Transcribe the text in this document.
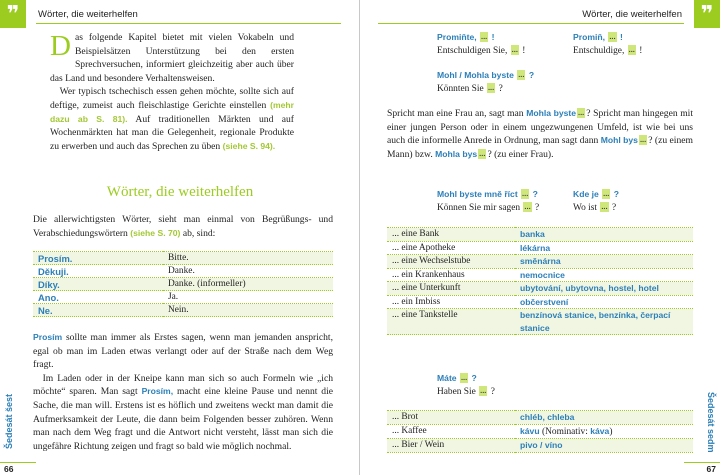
❞	Wörter, die weiterhelfen
D as folgende Kapitel bietet mit vielen Vokabeln und Beispielsätzen Unterstützung bei den ersten Sprechversuchen, informiert gleichzeitig aber auch über das Land und besondere Verhaltensweisen.
 Wer typisch tschechisch essen gehen möchte, sollte sich auf deftige, zumeist auch fleischlastige Gerichte einstellen (mehr dazu ab S. 81). Auf traditionellen Märkten und auf Wochenmärkten hat man die Gelegenheit, regionale Produkte zu erwerben und auch das Sprechen zu üben (siehe S. 94).
Wörter, die weiterhelfen
Die allerwichtigsten Wörter, sieht man einmal von Begrüßungs- und Verabschiedungswörtern (siehe S. 70) ab, sind:
Prosím.	Bitte.
Děkuji.	Danke.
Díky.	Danke. (informeller)
Ano.	Ja.
Ne.	Nein.
Prosím sollte man immer als Erstes sagen, wenn man jemanden anspricht, egal ob man im Laden etwas verlangt oder auf der Straße nach dem Weg fragt.
 Im Laden oder in der Kneipe kann man sich so auch Formeln wie „ich möchte“ sparen. Man sagt Prosím, macht eine kleine Pause und nennt die Sache, die man will. Erstens ist es höflich und zweitens weckt man damit die Aufmerksamkeit der Leute, die dann beim Folgenden besser zuhören. Wenn man nach dem Weg fragt und die Antwort nicht versteht, lässt man sich die ungefähre Richtung zeigen und fragt so bald wie möglich nochmal.
Šedesát šest
66
❞
Wörter, die weiterhelfen
Promiňte, ... !
Entschuldigen Sie, ... !
Promiň, ... !
Entschuldige, ... !
Mohl / Mohla byste ... ?
Könnten Sie ... ?
Spricht man eine Frau an, sagt man Mohla byste ... ? Spricht man hingegen mit einer jungen Person oder in einem ungezwungenen Umfeld, ist wie bei uns auch die informelle Anrede in Ordnung, man sagt dann Mohl bys ... ? (zu einem Mann) bzw. Mohla bys ... ? (zu einer Frau).
Mohl byste mně říct ... ?
Können Sie mir sagen ... ?
Kde je ... ?
Wo ist ... ?
... eine Bank	banka
... eine Apotheke	lékárna
... eine Wechselstube	směnárna
... ein Krankenhaus	nemocnice
... eine Unterkunft	ubytování, ubytovna, hostel, hotel
... ein Imbiss	občerstvení
... eine Tankstelle	benzínová stanice, benzínka, čerpací stanice
Máte ... ?
Haben Sie ... ?
... Brot	chléb, chleba
... Kaffee	kávu (Nominativ: káva)
... Bier / Wein	pivo / víno	Šedesát sedm
67
